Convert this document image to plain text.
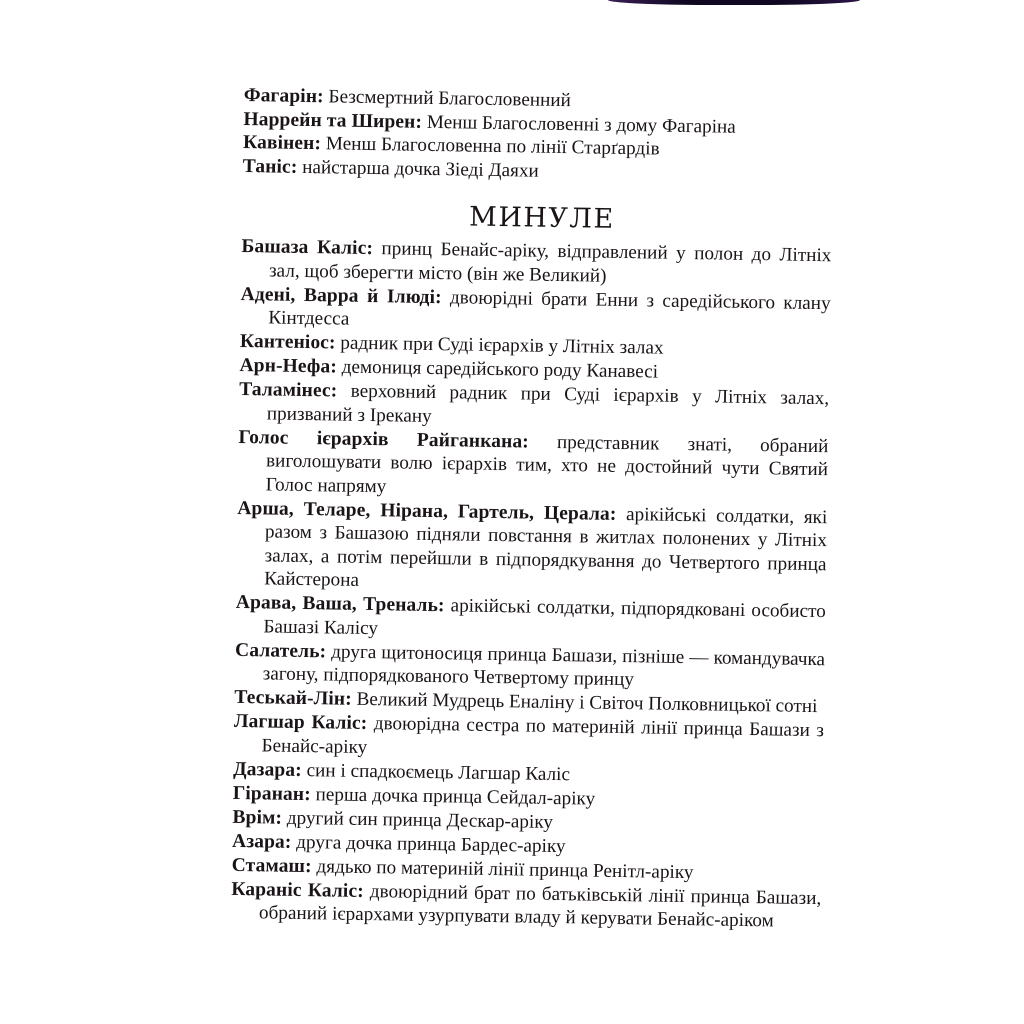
Фагарін: Безсмертний Благословенний

Наррейн та Ширен: Менш Благословенні з дому Фагаріна

Кавінен: Менш Благословенна по лінії Старґардів

Таніс: найстарша дочка Зіеді Даяхи

МИНУЛЕ

Башаза Каліс: принц Бенайс-аріку, відправлений у полон до Літніх зал, щоб зберегти місто (він же Великий)

Адені, Варра й Ілюді: двоюрідні брати Енни з саредійського клану Кінтдесса

Кантеніос: радник при Суді ієрархів у Літніх залах

Арн-Нефа: демониця саредійського роду Канавесі

Таламінес: верховний радник при Суді ієрархів у Літніх залах, призваний з Ірекану

Голос ієрархів Райганкана: представник знаті, обраний виголошувати волю ієрархів тим, хто не достойний чути Святий Голос напряму

Арша, Теларе, Нірана, Гартель, Церала: арікійські солдатки, які разом з Башазою підняли повстання в житлах полонених у Літніх залах, а потім перейшли в підпорядкування до Четвертого принца Кайстерона

Арава, Ваша, Треналь: арікійські солдатки, підпорядковані особисто Башазі Калісу

Салатель: друга щитоносиця принца Башази, пізніше — командувачка загону, підпорядкованого Четвертому принцу

Теськай-Лін: Великий Мудрець Еналіну і Світоч Полковницької сотні

Лагшар Каліс: двоюрідна сестра по материній лінії принца Башази з Бенайс-аріку

Дазара: син і спадкоємець Лагшар Каліс

Гіранан: перша дочка принца Сейдал-аріку

Врім: другий син принца Дескар-аріку

Азара: друга дочка принца Бардес-аріку

Стамаш: дядько по материній лінії принца Ренітл-аріку

Караніс Каліс: двоюрідний брат по батьківській лінії принца Башази, обраний ієрархами узурпувати владу й керувати Бенайс-аріком
